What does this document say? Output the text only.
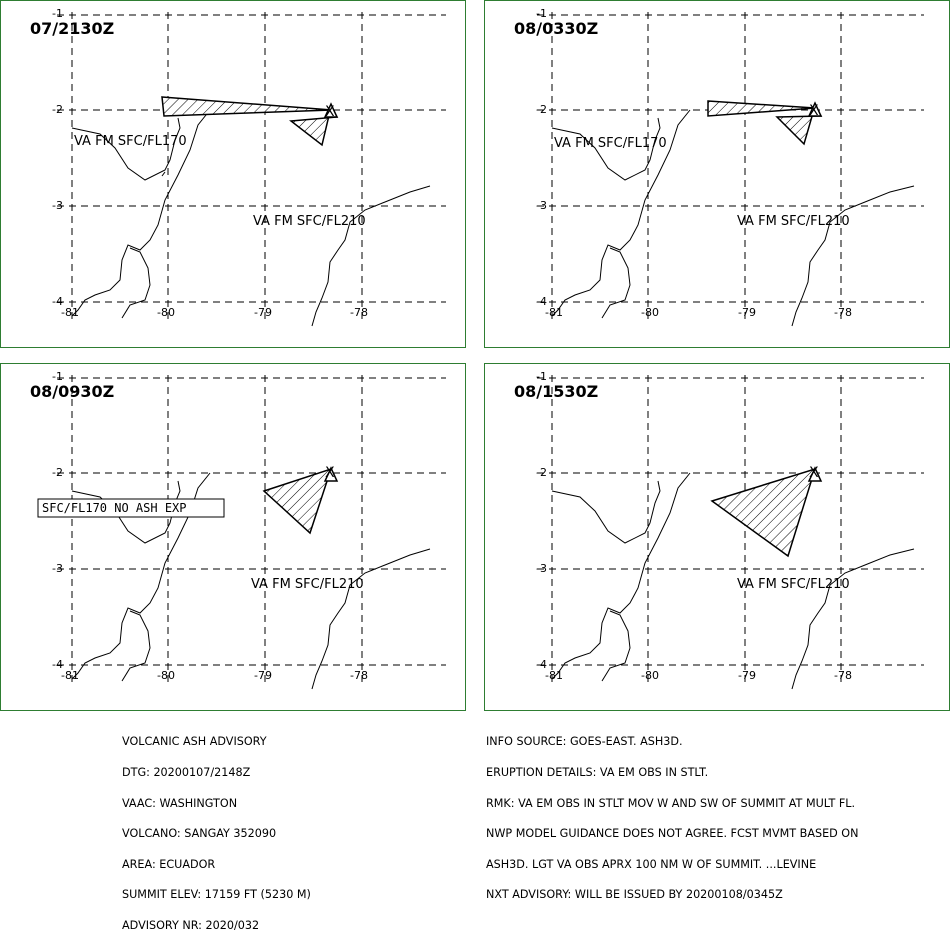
X
07/2130Z
-1
-2
-3
-4
-81	-80	-79	-78
VA FM SFC/FL170
VA FM SFC/FL210
X
08/0330Z
-1
-2
-3
-4
-81	-80	-79	-78
VA FM SFC/FL170
VA FM SFC/FL210
X
08/0930Z
-1
-2
-3
-4
-81	-80	-79	-78
SFC/FL170 NO ASH EXP
VA FM SFC/FL210
X
08/1530Z
-1
-2
-3
-4
-81	-80	-79	-78
VA FM SFC/FL210

VOLCANIC ASH ADVISORY

DTG: 20200107/2148Z

VAAC: WASHINGTON

VOLCANO: SANGAY 352090

AREA: ECUADOR

SUMMIT ELEV: 17159 FT (5230 M)

ADVISORY NR: 2020/032

INFO SOURCE: GOES-EAST. ASH3D.

ERUPTION DETAILS: VA EM OBS IN STLT.

RMK: VA EM OBS IN STLT MOV W AND SW OF SUMMIT AT MULT FL.

NWP MODEL GUIDANCE DOES NOT AGREE. FCST MVMT BASED ON

ASH3D. LGT VA OBS APRX 100 NM W OF SUMMIT. ...LEVINE

NXT ADVISORY: WILL BE ISSUED BY 20200108/0345Z
